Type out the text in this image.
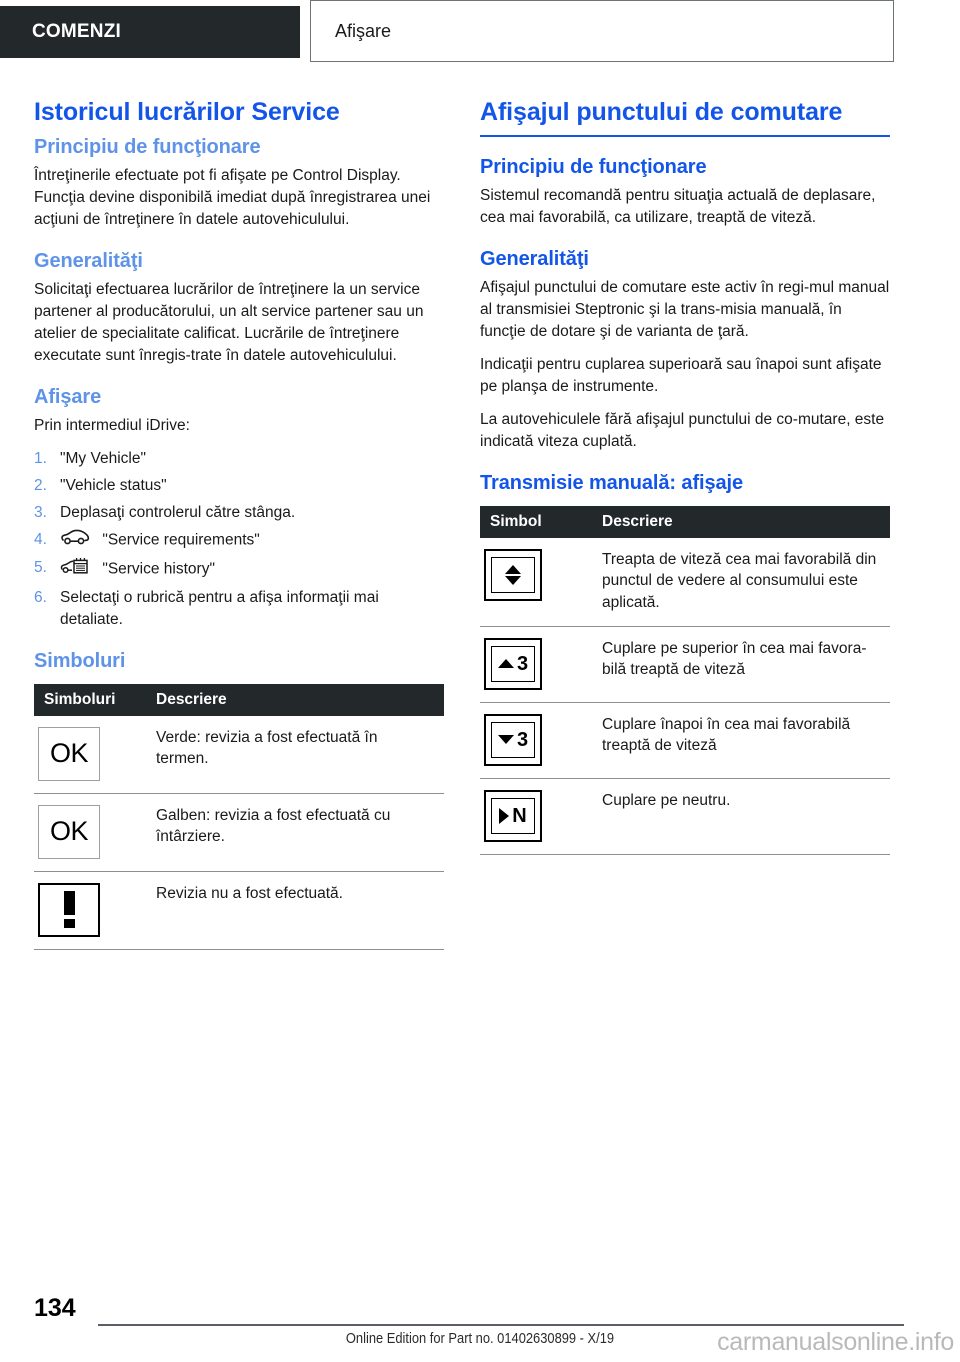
COMENZI	Afişare
Istoricul lucrărilor Service
Principiu de funcţionare

Întreţinerile efectuate pot fi afişate pe Control Display. Funcţia devine disponibilă imediat după înregistrarea unei acţiuni de întreţinere în datele autovehiculului.

Generalităţi

Solicitaţi efectuarea lucrărilor de întreţinere la un service partener al producătorului, un alt service partener sau un atelier de specialitate calificat. Lucrările de întreţinere executate sunt înregis-trate în datele autovehiculului.

Afişare

Prin intermediul iDrive:

1. "My Vehicle"
2. "Vehicle status"
3. Deplasaţi controlerul către stânga.
4.	"Service requirements"
5.	"Service history"
6. Selectaţi o rubrică pentru a afişa informaţii mai detaliate.
Simboluri
Simboluri	Descriere

OK	Verde: revizia a fost efectuată în termen.

OK	Galben: revizia a fost efectuată cu întârziere.

	Revizia nu a fost efectuată.
Afişajul punctului de comutare
Principiu de funcţionare

Sistemul recomandă pentru situaţia actuală de deplasare, cea mai favorabilă, ca utilizare, treaptă de viteză.

Generalităţi

Afişajul punctului de comutare este activ în regi-mul manual al transmisiei Steptronic şi la trans-misia manuală, în funcţie de dotare şi de varianta de ţară.

Indicaţii pentru cuplarea superioară sau înapoi sunt afişate pe planşa de instrumente.

La autovehiculele fără afişajul punctului de co-mutare, este indicată viteza cuplată.

Transmisie manuală: afişaje
Simbol	Descriere

	Treapta de viteză cea mai favorabilă din punctul de vedere al consumului este aplicată.

3	Cuplare pe superior în cea mai favora-bilă treaptă de viteză

3	Cuplare înapoi în cea mai favorabilă treaptă de viteză

N	Cuplare pe neutru.
134
Online Edition for Part no. 01402630899 - X/19	carmanualsonline.info
